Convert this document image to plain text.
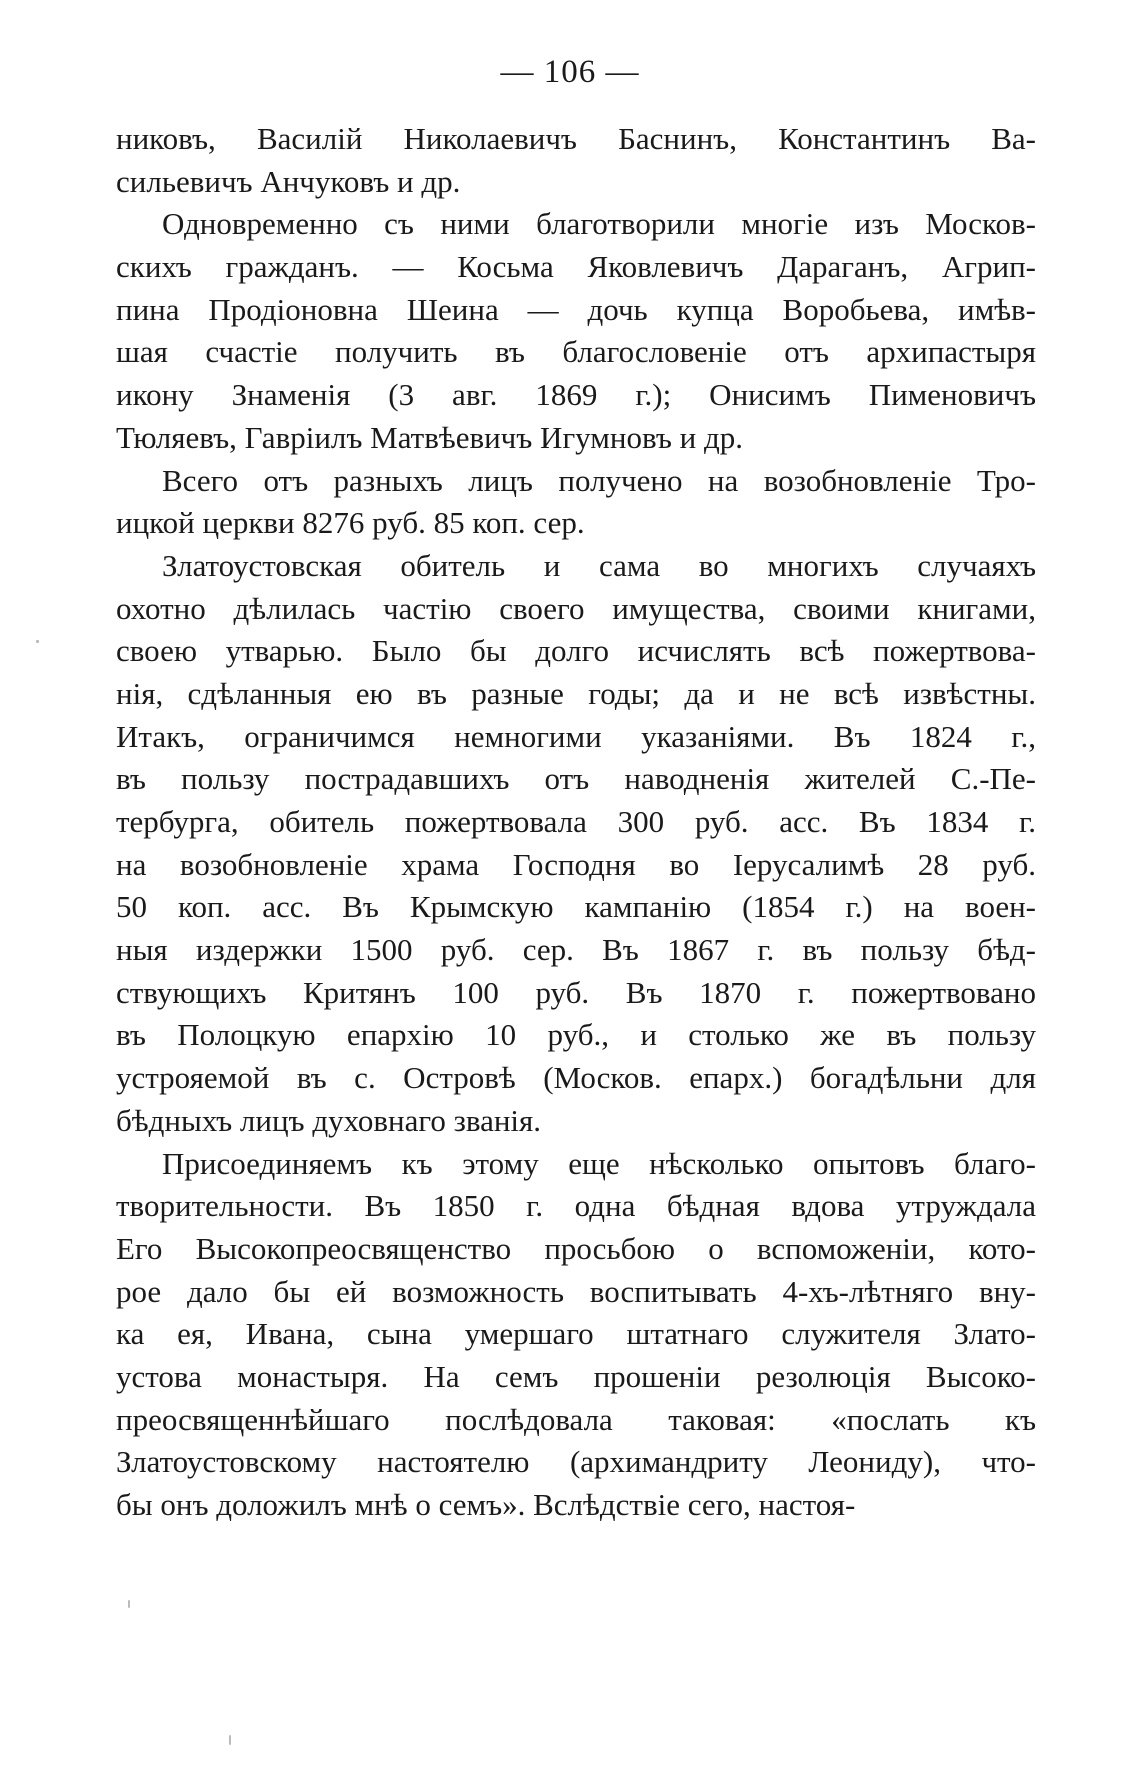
— 106 —
никовъ, Василій Николаевичъ Баснинъ, Константинъ Ва-
сильевичъ Анчуковъ и др.
Одновременно съ ними благотворили многіе изъ Москов-
скихъ гражданъ. — Косьма Яковлевичъ Дараганъ, Агрип-
пина Продіоновна Шеина — дочь купца Воробьева, имѣв-
шая счастіе получить въ благословеніе отъ архипастыря
икону Знаменія (3 авг. 1869 г.); Онисимъ Пименовичъ
Тюляевъ, Гавріилъ Матвѣевичъ Игумновъ и др.
Всего отъ разныхъ лицъ получено на возобновленіе Тро-
ицкой церкви 8276 руб. 85 коп. сер.
Златоустовская обитель и сама во многихъ случаяхъ
охотно дѣлилась частію своего имущества, своими книгами,
своею утварью. Было бы долго исчислять всѣ пожертвова-
нія, сдѣланныя ею въ разные годы; да и не всѣ извѣстны.
Итакъ, ограничимся немногими указаніями. Въ 1824 г.,
въ пользу пострадавшихъ отъ наводненія жителей С.-Пе-
тербурга, обитель пожертвовала 300 руб. асс. Въ 1834 г.
на возобновленіе храма Господня во Іерусалимѣ 28 руб.
50 коп. асс. Въ Крымскую кампанію (1854 г.) на воен-
ныя издержки 1500 руб. сер. Въ 1867 г. въ пользу бѣд-
ствующихъ Критянъ 100 руб. Въ 1870 г. пожертвовано
въ Полоцкую епархію 10 руб., и столько же въ пользу
устрояемой въ с. Островѣ (Москов. епарх.) богадѣльни для
бѣдныхъ лицъ духовнаго званія.
Присоединяемъ къ этому еще нѣсколько опытовъ благо-
творительности. Въ 1850 г. одна бѣдная вдова утруждала
Его Высокопреосвященство просьбою о вспоможеніи, кото-
рое дало бы ей возможность воспитывать 4-хъ-лѣтняго вну-
ка ея, Ивана, сына умершаго штатнаго служителя Злато-
устова монастыря. На семъ прошеніи резолюція Высоко-
преосвященнѣйшаго послѣдовала таковая: «послать къ
Златоустовскому настоятелю (архимандриту Леониду), что-
бы онъ доложилъ мнѣ о семъ». Вслѣдствіе сего, настоя-
